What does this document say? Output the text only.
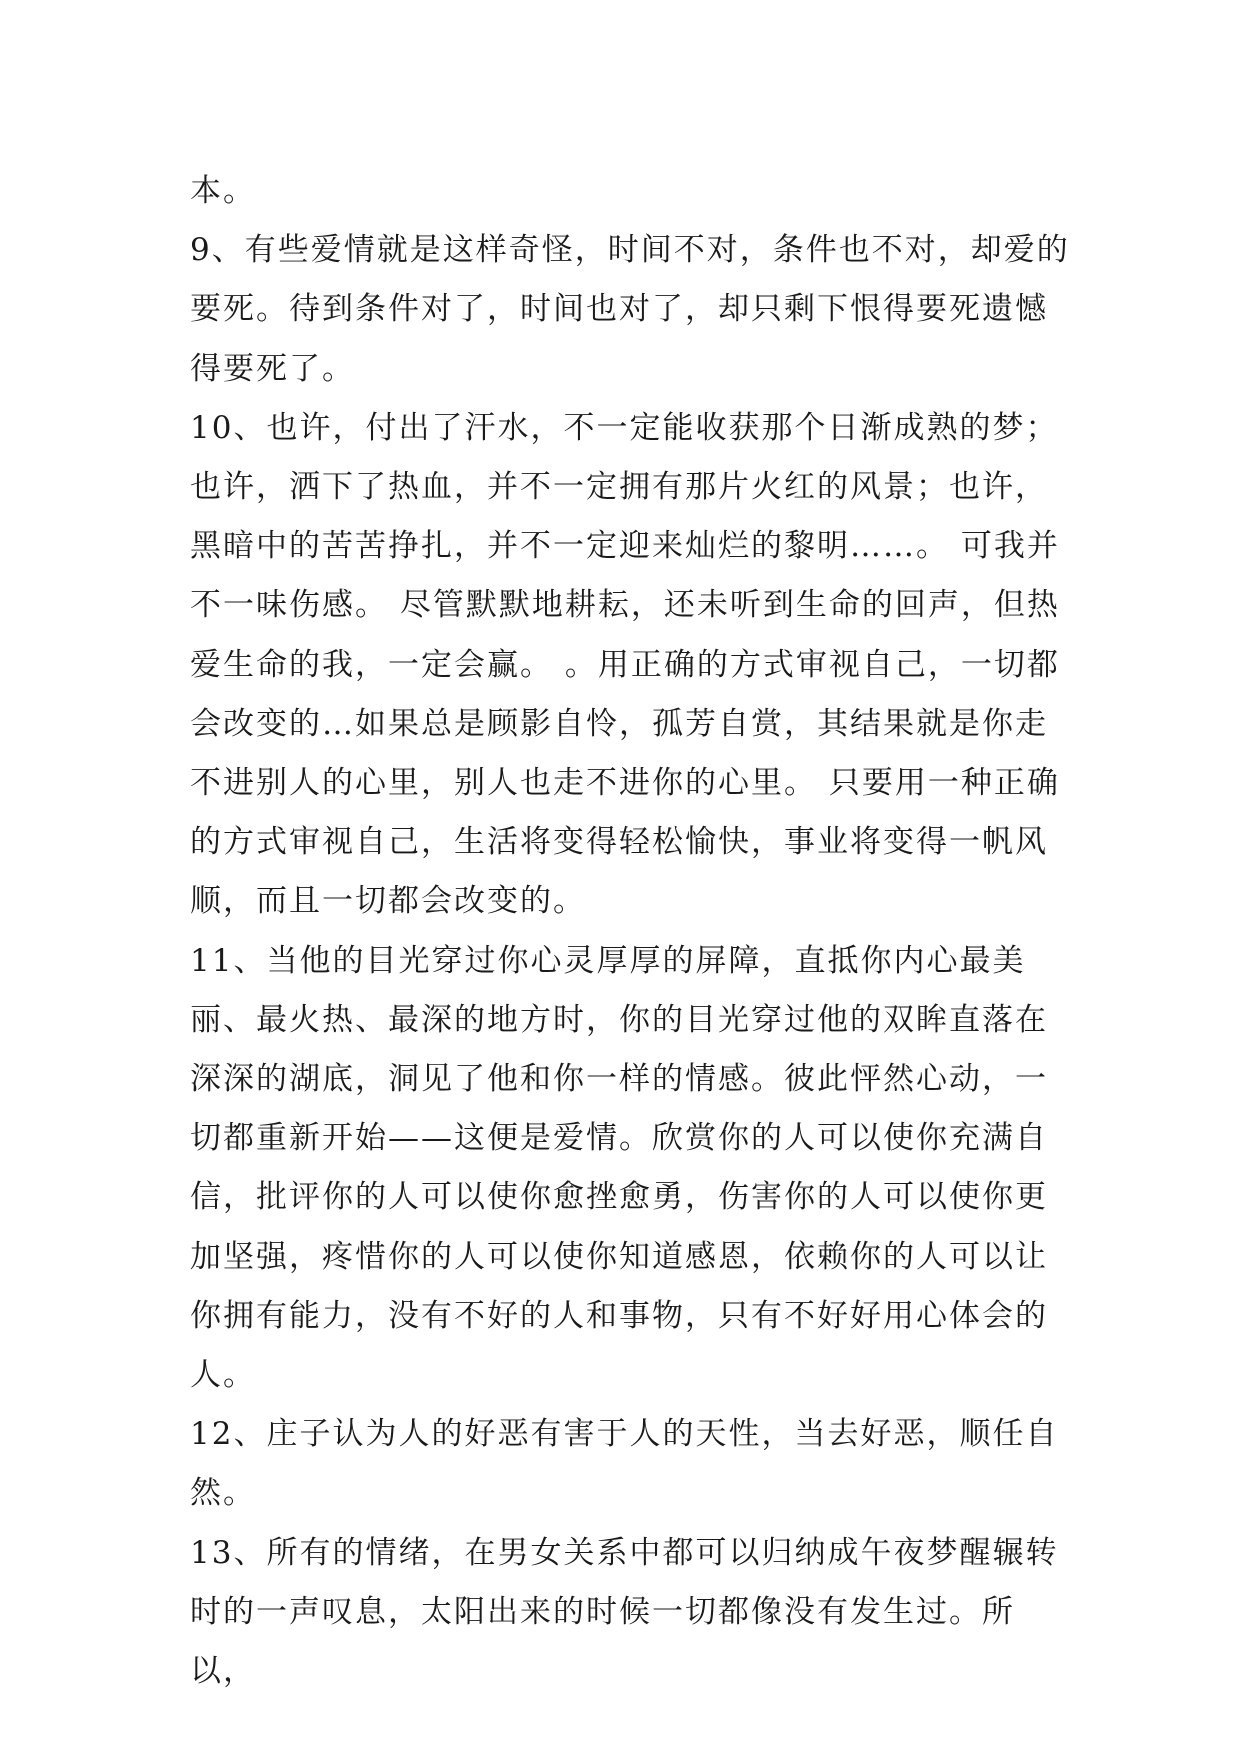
本。

9、有些爱情就是这样奇怪，时间不对，条件也不对，却爱的要死。待到条件对了，时间也对了，却只剩下恨得要死遗憾得要死了。

10、也许，付出了汗水，不一定能收获那个日渐成熟的梦；也许，洒下了热血，并不一定拥有那片火红的风景；也许，黑暗中的苦苦挣扎，并不一定迎来灿烂的黎明……。 可我并不一味伤感。 尽管默默地耕耘，还未听到生命的回声，但热爱生命的我，一定会赢。 。用正确的方式审视自己，一切都会改变的…如果总是顾影自怜，孤芳自赏，其结果就是你走不进别人的心里，别人也走不进你的心里。 只要用一种正确的方式审视自己，生活将变得轻松愉快，事业将变得一帆风顺，而且一切都会改变的。

11、当他的目光穿过你心灵厚厚的屏障，直抵你内心最美丽、最火热、最深的地方时，你的目光穿过他的双眸直落在深深的湖底，洞见了他和你一样的情感。彼此怦然心动，一切都重新开始——这便是爱情。欣赏你的人可以使你充满自信，批评你的人可以使你愈挫愈勇，伤害你的人可以使你更加坚强，疼惜你的人可以使你知道感恩，依赖你的人可以让你拥有能力，没有不好的人和事物，只有不好好用心体会的人。

12、庄子认为人的好恶有害于人的天性，当去好恶，顺任自然。

13、所有的情绪，在男女关系中都可以归纳成午夜梦醒辗转时的一声叹息，太阳出来的时候一切都像没有发生过。所以，
